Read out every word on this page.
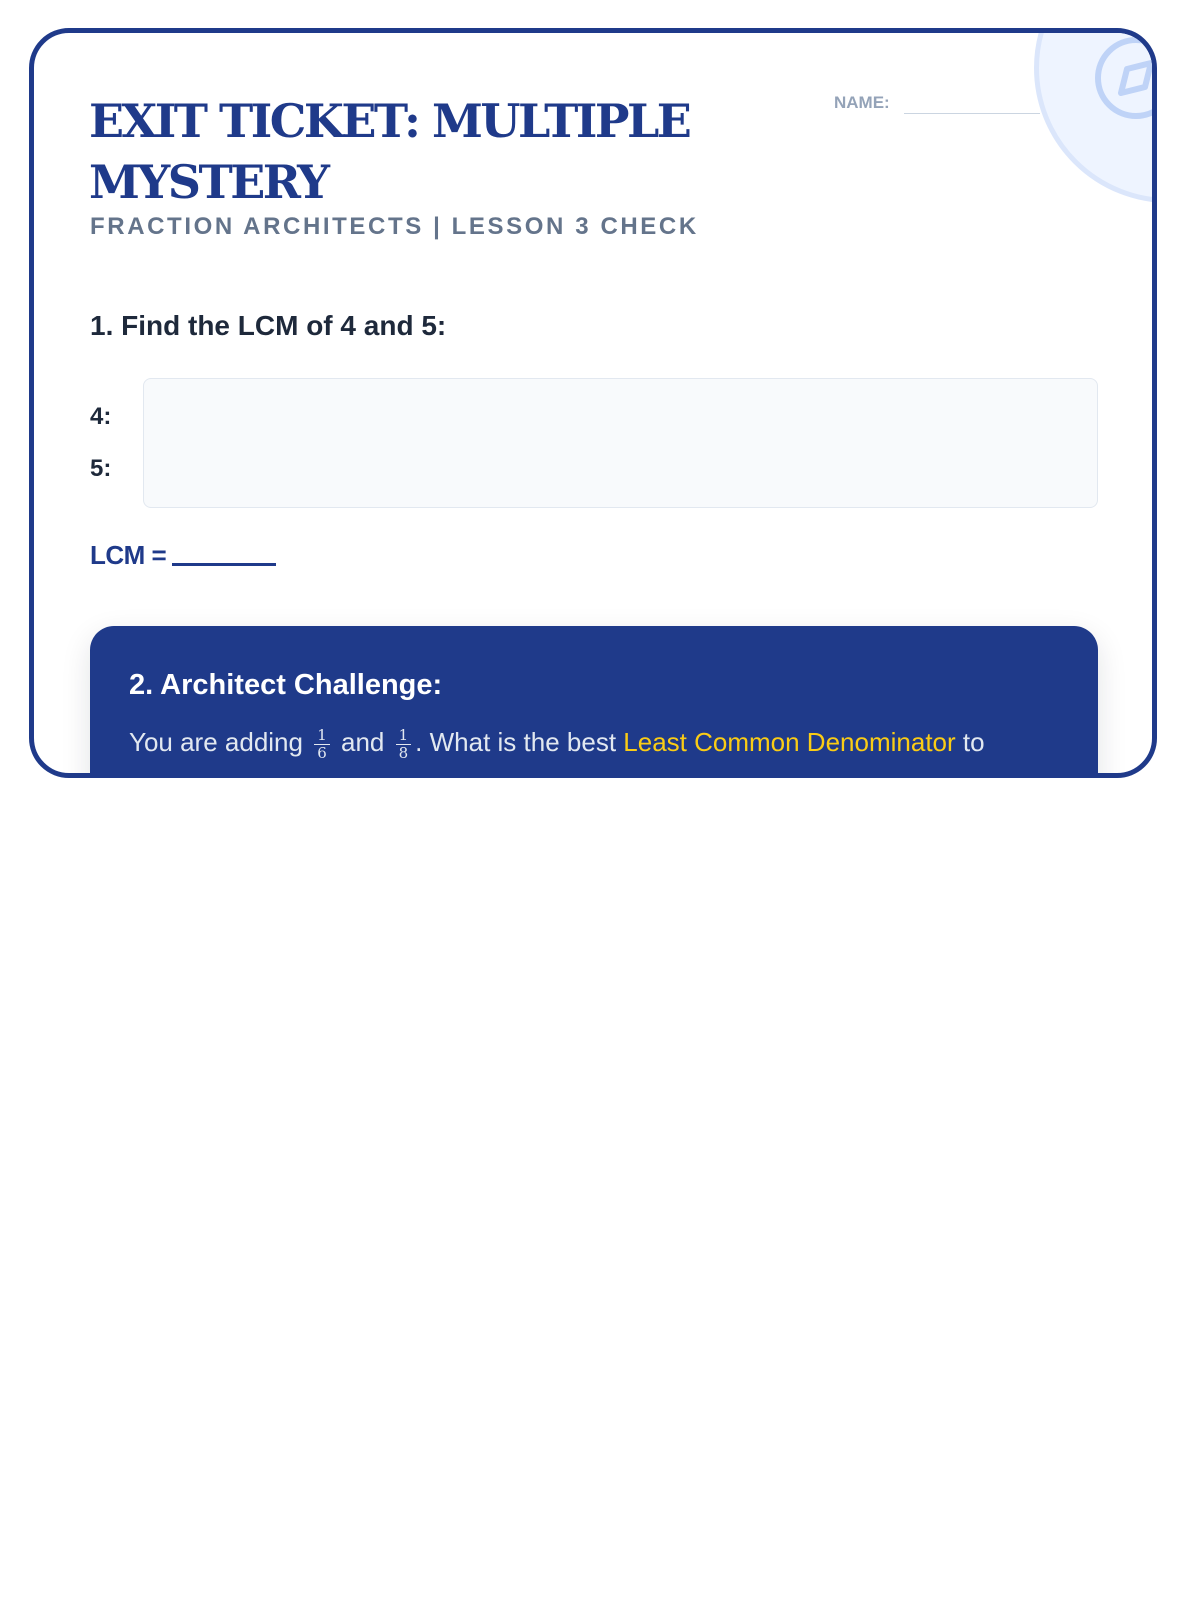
EXIT TICKET: MULTIPLE MYSTERY
FRACTION ARCHITECTS | LESSON 3 CHECK
NAME:
1. Find the LCM of 4 and 5:
4:
5:
LCM =
2. Architect Challenge:
You are adding $\frac{1}{6}$ and $\frac{1}{8}$ . What is the best Least Common Denominator to
